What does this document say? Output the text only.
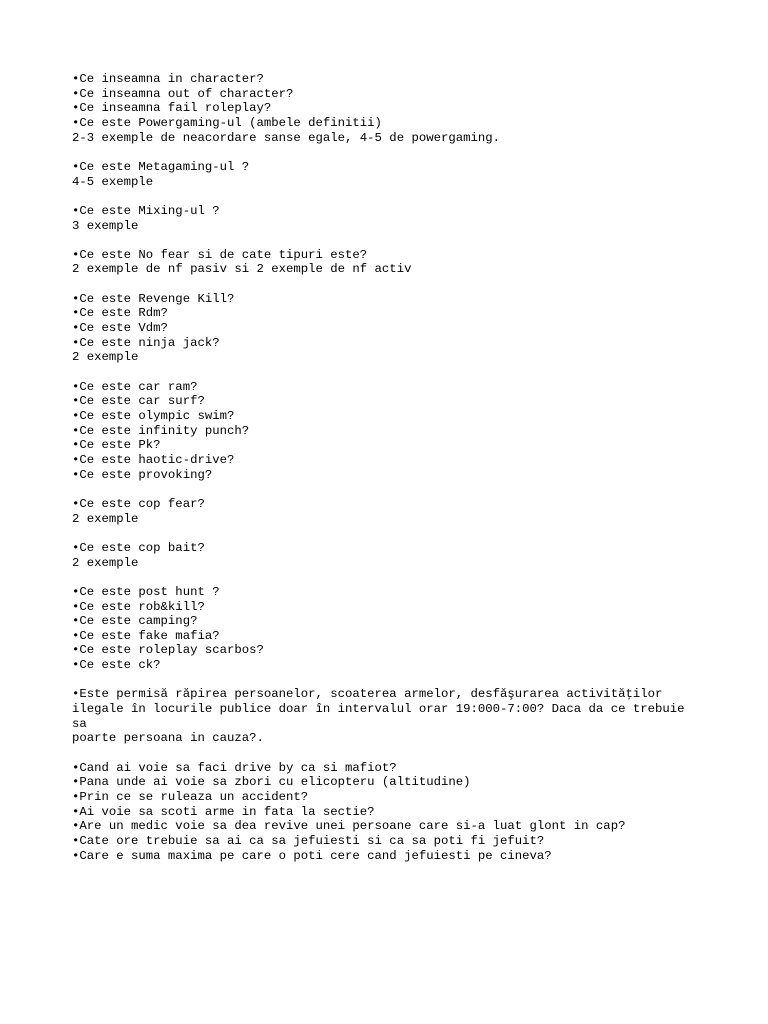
•Ce inseamna in character?
•Ce inseamna out of character?
•Ce inseamna fail roleplay?
•Ce este Powergaming-ul (ambele definitii)
2-3 exemple de neacordare sanse egale, 4-5 de powergaming.
•Ce este Metagaming-ul ?
4-5 exemple
•Ce este Mixing-ul ?
3 exemple
•Ce este No fear si de cate tipuri este?
2 exemple de nf pasiv si 2 exemple de nf activ
•Ce este Revenge Kill?
•Ce este Rdm?
•Ce este Vdm?
•Ce este ninja jack?
2 exemple
•Ce este car ram?
•Ce este car surf?
•Ce este olympic swim?
•Ce este infinity punch?
•Ce este Pk?
•Ce este haotic-drive?
•Ce este provoking?
•Ce este cop fear?
2 exemple
•Ce este cop bait?
2 exemple
•Ce este post hunt ?
•Ce este rob&kill?
•Ce este camping?
•Ce este fake mafia?
•Ce este roleplay scarbos?
•Ce este ck?
•Este permisă răpirea persoanelor, scoaterea armelor, desfăşurarea activităţilor
ilegale în locurile publice doar în intervalul orar 19:000-7:00? Daca da ce trebuie
sa
poarte persoana in cauza?.
•Cand ai voie sa faci drive by ca si mafiot?
•Pana unde ai voie sa zbori cu elicopteru (altitudine)
•Prin ce se ruleaza un accident?
•Ai voie sa scoti arme in fata la sectie?
•Are un medic voie sa dea revive unei persoane care si-a luat glont in cap?
•Cate ore trebuie sa ai ca sa jefuiesti si ca sa poti fi jefuit?
•Care e suma maxima pe care o poti cere cand jefuiesti pe cineva?
